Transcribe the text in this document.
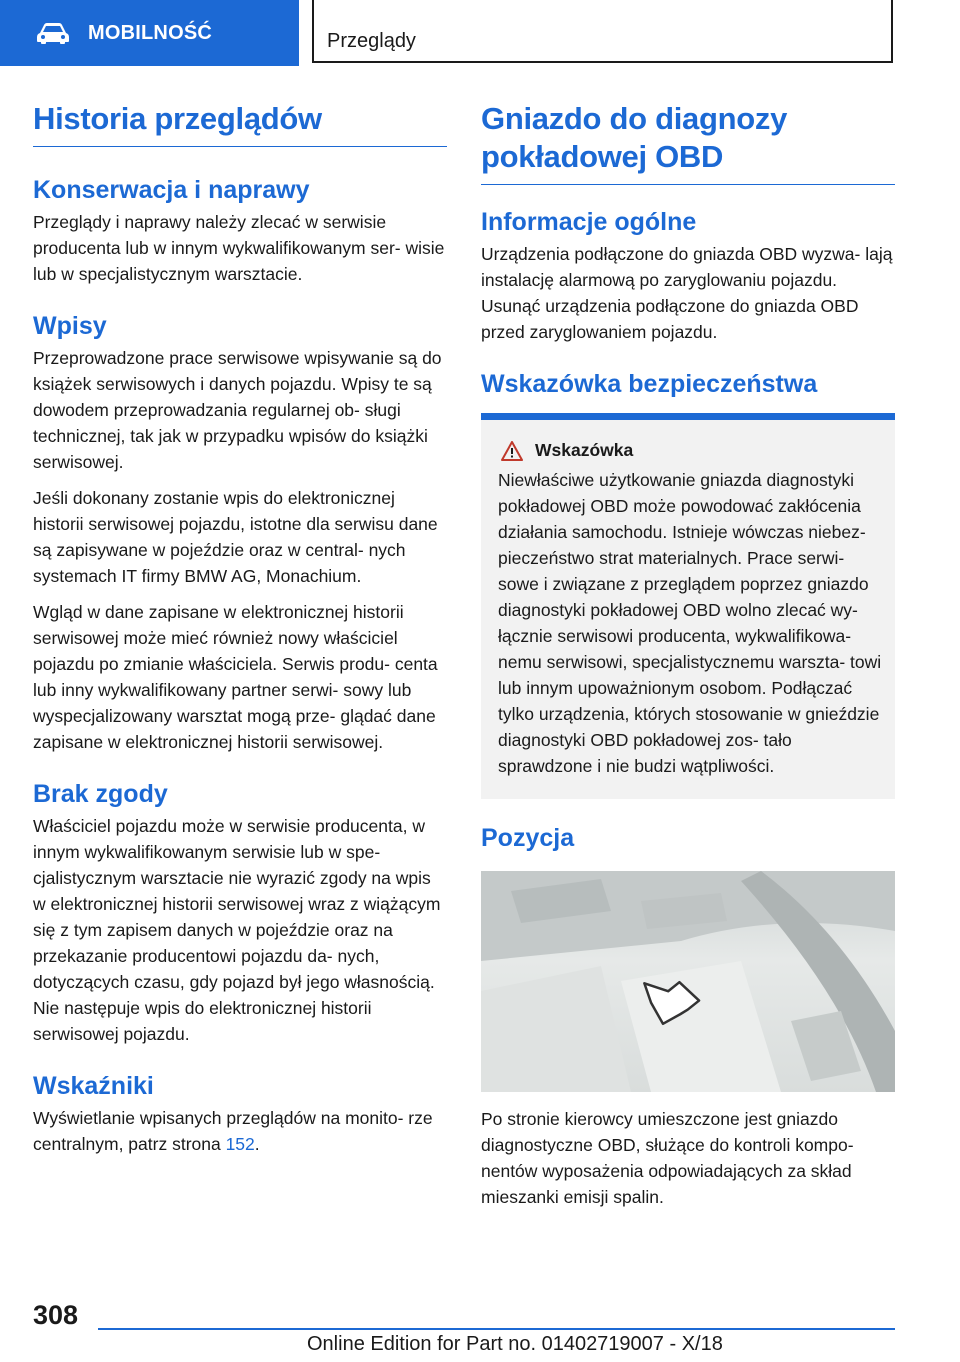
MOBILNOŚĆ	Przeglądy
Historia przeglądów
Konserwacja i naprawy

Przeglądy i naprawy należy zlecać w serwisie producenta lub w innym wykwalifikowanym ser- wisie lub w specjalistycznym warsztacie.

Wpisy

Przeprowadzone prace serwisowe wpisywanie są do książek serwisowych i danych pojazdu. Wpisy te są dowodem przeprowadzania regularnej ob- sługi technicznej, tak jak w przypadku wpisów do książki serwisowej.

Jeśli dokonany zostanie wpis do elektronicznej historii serwisowej pojazdu, istotne dla serwisu dane są zapisywane w pojeździe oraz w central- nych systemach IT firmy BMW AG, Monachium.

Wgląd w dane zapisane w elektronicznej historii serwisowej może mieć również nowy właściciel pojazdu po zmianie właściciela. Serwis produ- centa lub inny wykwalifikowany partner serwi- sowy lub wyspecjalizowany warsztat mogą prze- glądać dane zapisane w elektronicznej historii serwisowej.

Brak zgody

Właściciel pojazdu może w serwisie producenta, w innym wykwalifikowanym serwisie lub w spe- cjalistycznym warsztacie nie wyrazić zgody na wpis w elektronicznej historii serwisowej wraz z wiążącym się z tym zapisem danych w pojeździe oraz na przekazanie producentowi pojazdu da- nych, dotyczących czasu, gdy pojazd był jego własnością. Nie następuje wpis do elektronicznej historii serwisowej pojazdu.

Wskaźniki

Wyświetlanie wpisanych przeglądów na monito- rze centralnym, patrz strona 152.

Gniazdo do diagnozy pokładowej OBD
Informacje ogólne

Urządzenia podłączone do gniazda OBD wyzwa- lają instalację alarmową po zaryglowaniu pojazdu. Usunąć urządzenia podłączone do gniazda OBD przed zaryglowaniem pojazdu.

Wskazówka bezpieczeństwa
Wskazówka

Niewłaściwe użytkowanie gniazda diagnostyki pokładowej OBD może powodować zakłócenia działania samochodu. Istnieje wówczas niebez- pieczeństwo strat materialnych. Prace serwi- sowe i związane z przeglądem poprzez gniazdo diagnostyki pokładowej OBD wolno zlecać wy- łącznie serwisowi producenta, wykwalifikowa- nemu serwisowi, specjalistycznemu warszta- towi lub innym upoważnionym osobom. Podłączać tylko urządzenia, których stosowanie w gnieździe diagnostyki OBD pokładowej zos- tało sprawdzone i nie budzi wątpliwości.

Pozycja

Po stronie kierowcy umieszczone jest gniazdo diagnostyczne OBD, służące do kontroli kompo- nentów wyposażenia odpowiadających za skład mieszanki emisji spalin.

308
Online Edition for Part no. 01402719007 - X/18
